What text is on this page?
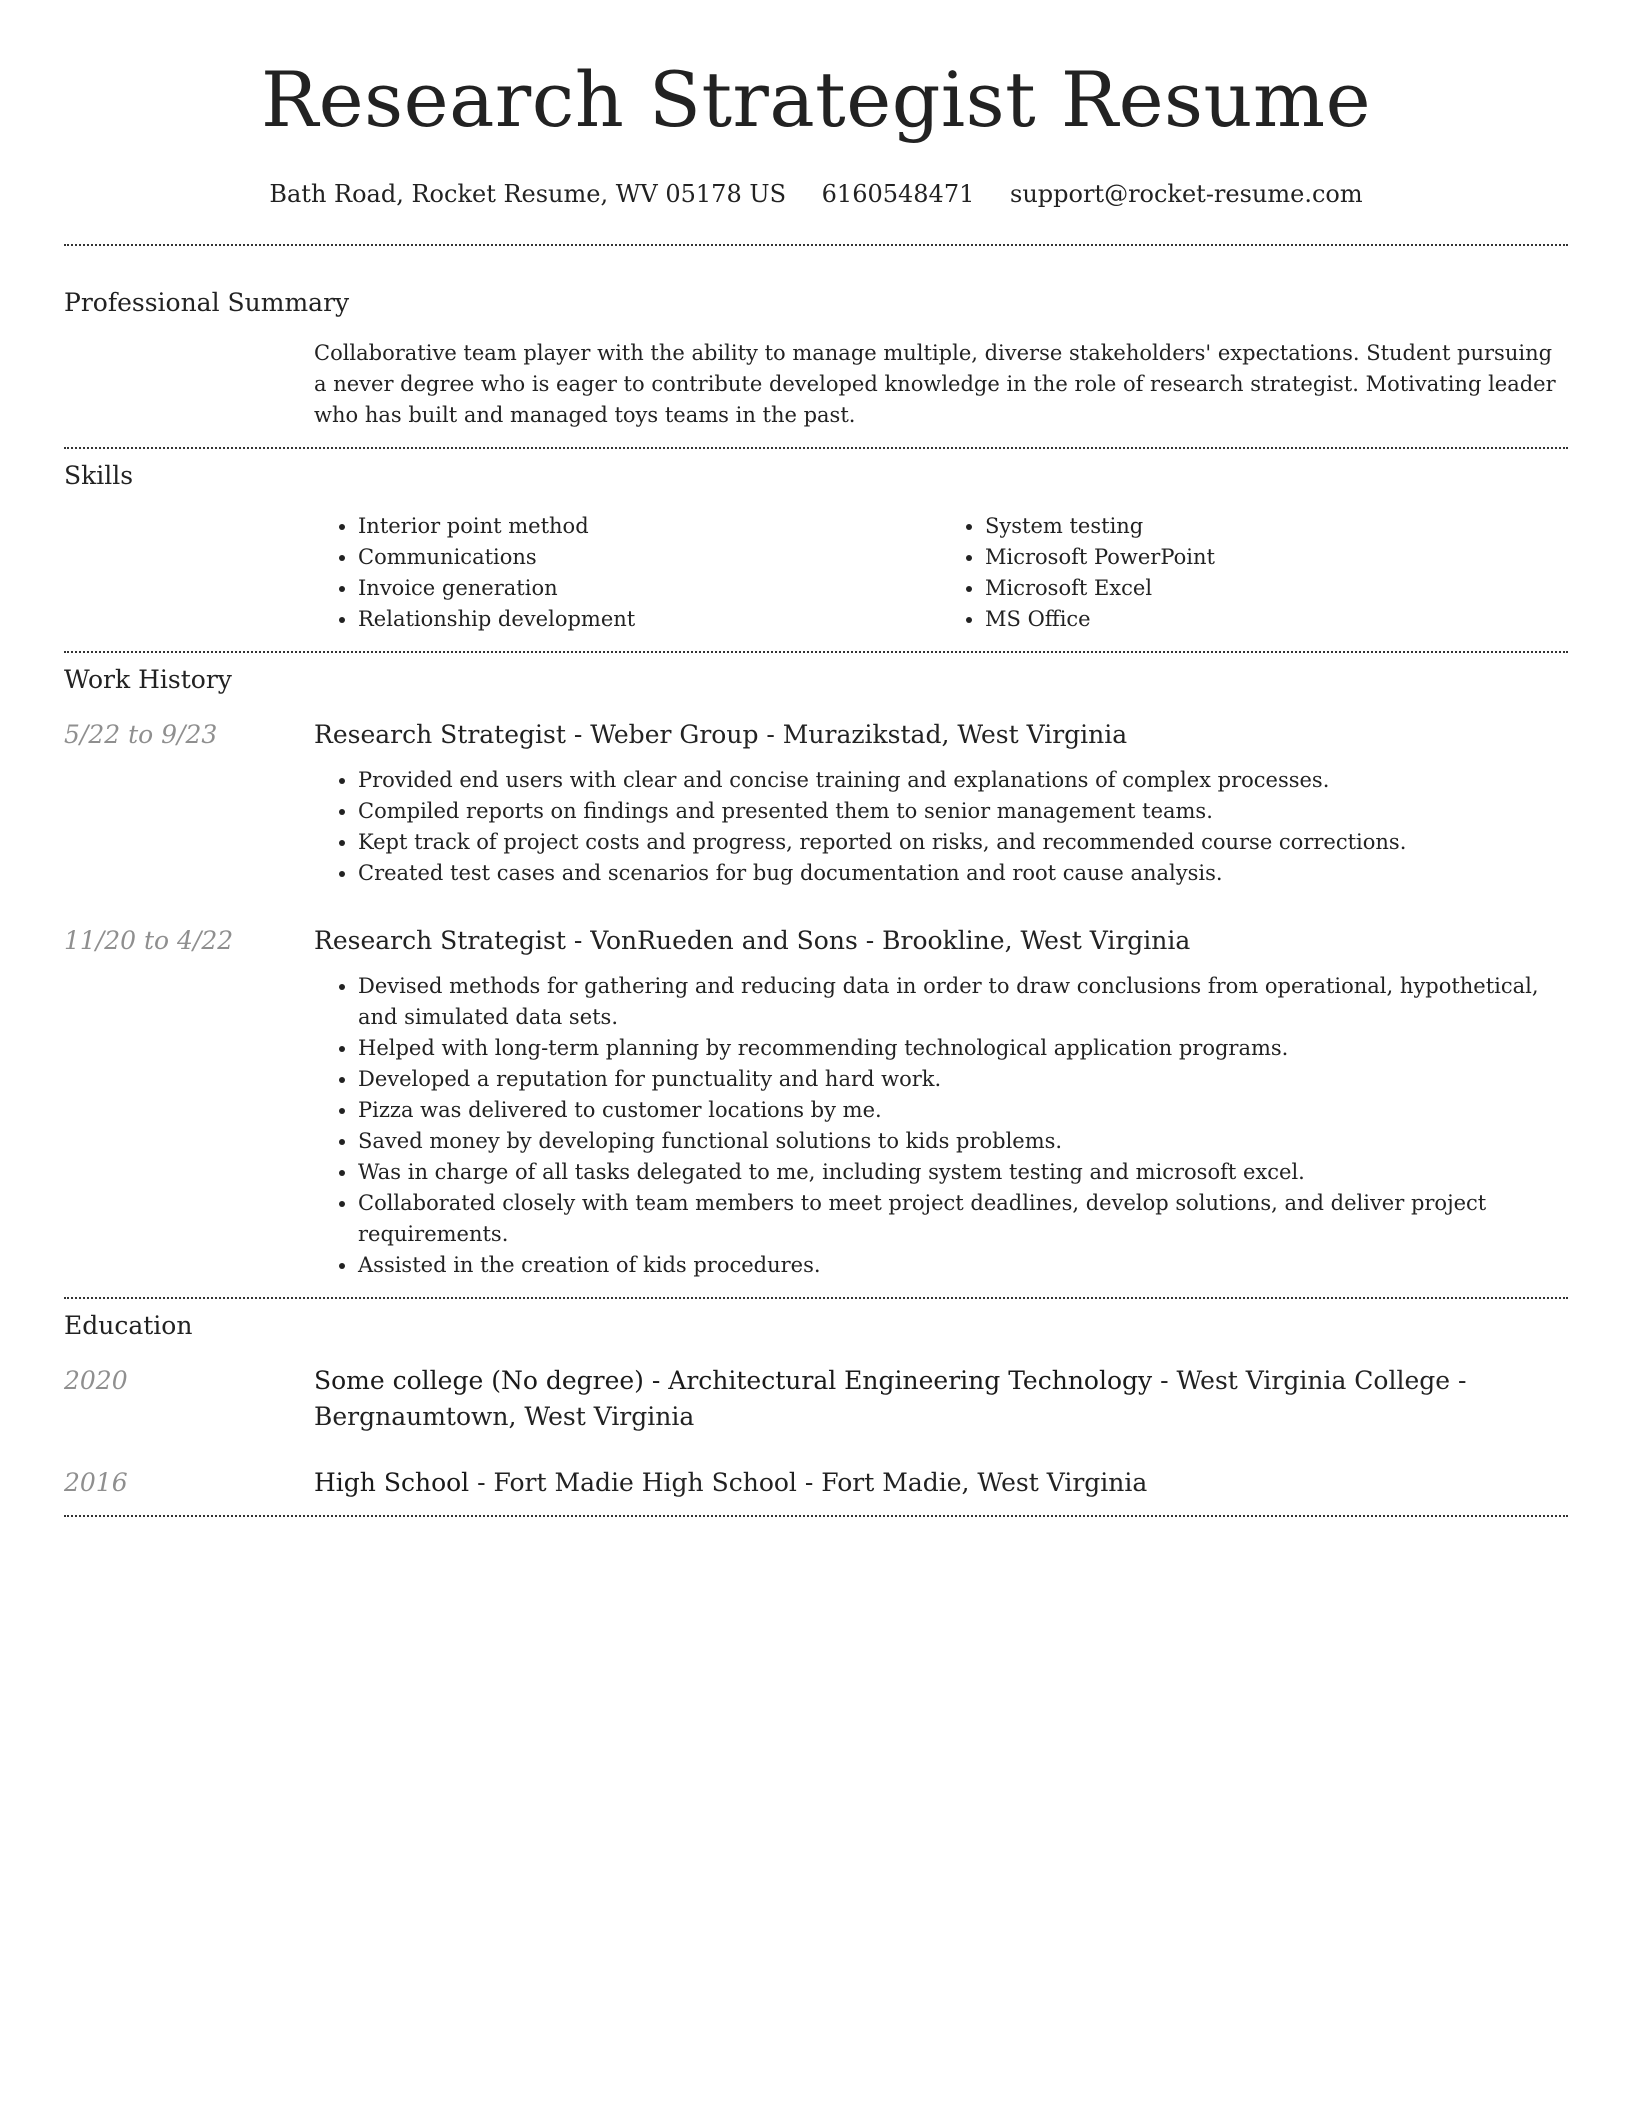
Research Strategist Resume
Bath Road, Rocket Resume, WV 05178 US 6160548471 support@rocket-resume.com
Professional Summary

Collaborative team player with the ability to manage multiple, diverse stakeholders' expectations. Student pursuing a never degree who is eager to contribute developed knowledge in the role of research strategist. Motivating leader who has built and managed toys teams in the past.

Skills
• Interior point method
• Communications
• Invoice generation
• Relationship development
• System testing
• Microsoft PowerPoint
• Microsoft Excel
• MS Office
Work History
5/22 to 9/23	Research Strategist - Weber Group - Murazikstad, West Virginia

• Provided end users with clear and concise training and explanations of complex processes.
• Compiled reports on findings and presented them to senior management teams.
• Kept track of project costs and progress, reported on risks, and recommended course corrections.
• Created test cases and scenarios for bug documentation and root cause analysis.
11/20 to 4/22	Research Strategist - VonRueden and Sons - Brookline, West Virginia

• Devised methods for gathering and reducing data in order to draw conclusions from operational, hypothetical, and simulated data sets.
• Helped with long-term planning by recommending technological application programs.
• Developed a reputation for punctuality and hard work.
• Pizza was delivered to customer locations by me.
• Saved money by developing functional solutions to kids problems.
• Was in charge of all tasks delegated to me, including system testing and microsoft excel.
• Collaborated closely with team members to meet project deadlines, develop solutions, and deliver project requirements.
• Assisted in the creation of kids procedures.
Education
2020	Some college (No degree) - Architectural Engineering Technology - West Virginia College - Bergnaumtown, West Virginia

2016	High School - Fort Madie High School - Fort Madie, West Virginia
